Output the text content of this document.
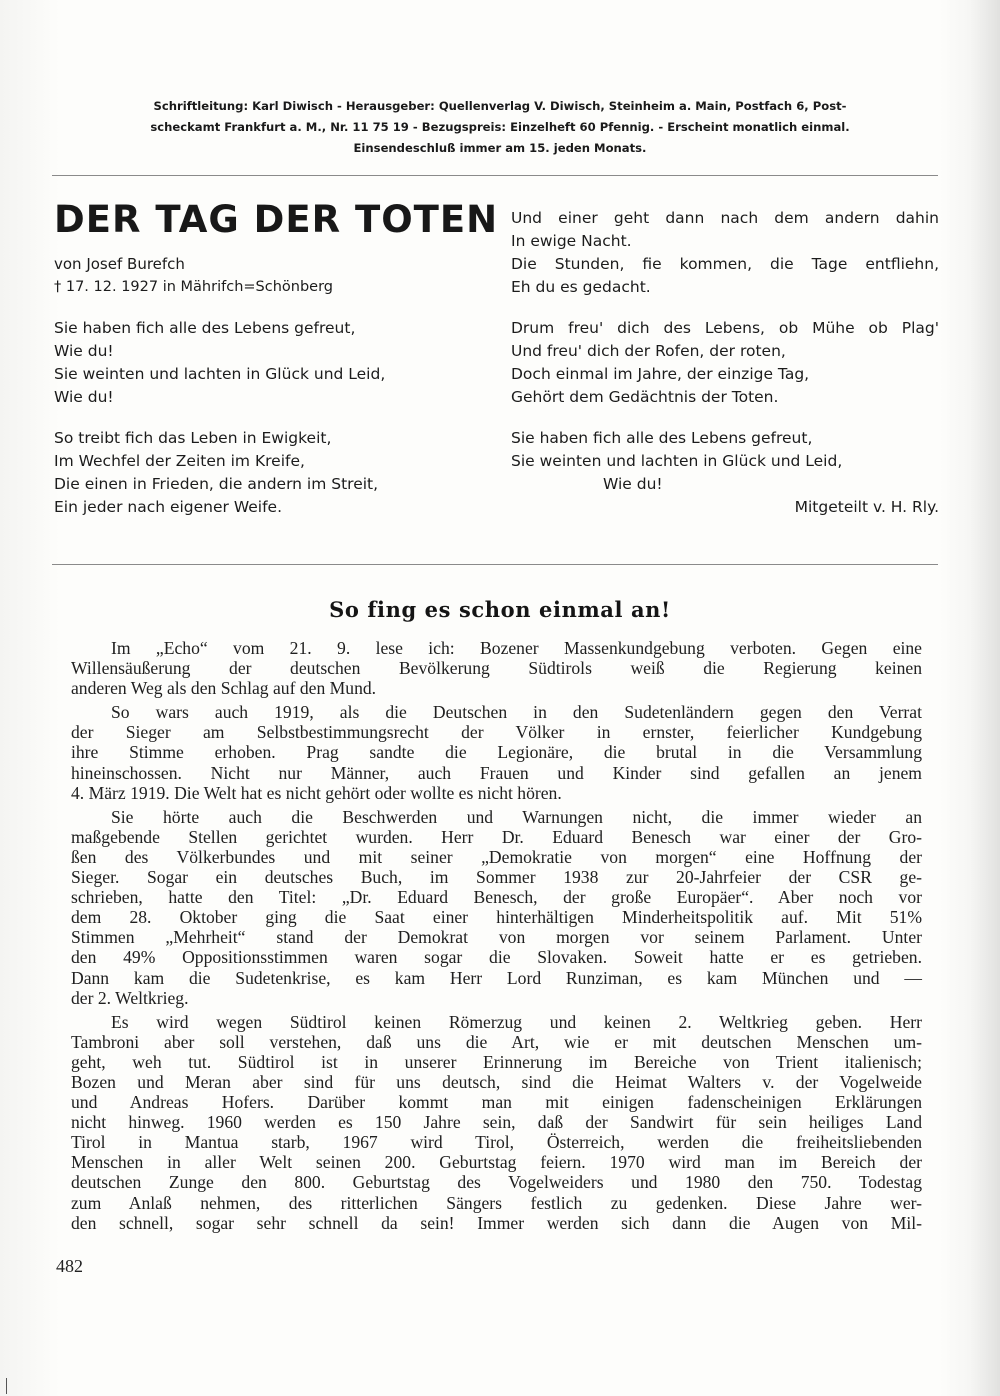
Schriftleitung: Karl Diwisch - Herausgeber: Quellenverlag V. Diwisch, Steinheim a. Main, Postfach 6, Post-
scheckamt Frankfurt a. M., Nr. 11 75 19 - Bezugspreis: Einzelheft 60 Pfennig. - Erscheint monatlich einmal.
Einsendeschluß immer am 15. jeden Monats.
DER TAG DER TOTEN
von Josef Burefch
† 17. 12. 1927 in Mährifch=Schönberg
Sie haben fich alle des Lebens gefreut,
Wie du!
Sie weinten und lachten in Glück und Leid,
Wie du!
So treibt fich das Leben in Ewigkeit,
Im Wechfel der Zeiten im Kreife,
Die einen in Frieden, die andern im Streit,
Ein jeder nach eigener Weife.
Und einer geht dann nach dem andern dahin
In ewige Nacht.
Die Stunden, fie kommen, die Tage entfliehn,
Eh du es gedacht.
Drum freu' dich des Lebens, ob Mühe ob Plag'
Und freu' dich der Rofen, der roten,
Doch einmal im Jahre, der einzige Tag,
Gehört dem Gedächtnis der Toten.
Sie haben fich alle des Lebens gefreut,
Sie weinten und lachten in Glück und Leid,
Wie du!
Mitgeteilt v. H. Rly.
So fing es schon einmal an!

Im „Echo“ vom 21. 9. lese ich: Bozener Massenkundgebung verboten. Gegen eine
Willensäußerung der deutschen Bevölkerung Südtirols weiß die Regierung keinen
anderen Weg als den Schlag auf den Mund.

So wars auch 1919, als die Deutschen in den Sudetenländern gegen den Verrat
der Sieger am Selbstbestimmungsrecht der Völker in ernster, feierlicher Kundgebung
ihre Stimme erhoben. Prag sandte die Legionäre, die brutal in die Versammlung
hineinschossen. Nicht nur Männer, auch Frauen und Kinder sind gefallen an jenem
4. März 1919. Die Welt hat es nicht gehört oder wollte es nicht hören.

Sie hörte auch die Beschwerden und Warnungen nicht, die immer wieder an
maßgebende Stellen gerichtet wurden. Herr Dr. Eduard Benesch war einer der Gro-
ßen des Völkerbundes und mit seiner „Demokratie von morgen“ eine Hoffnung der
Sieger. Sogar ein deutsches Buch, im Sommer 1938 zur 20-Jahrfeier der CSR ge-
schrieben, hatte den Titel: „Dr. Eduard Benesch, der große Europäer“. Aber noch vor
dem 28. Oktober ging die Saat einer hinterhältigen Minderheitspolitik auf. Mit 51%
Stimmen „Mehrheit“ stand der Demokrat von morgen vor seinem Parlament. Unter
den 49% Oppositionsstimmen waren sogar die Slovaken. Soweit hatte er es getrieben.
Dann kam die Sudetenkrise, es kam Herr Lord Runziman, es kam München und —
der 2. Weltkrieg.

Es wird wegen Südtirol keinen Römerzug und keinen 2. Weltkrieg geben. Herr
Tambroni aber soll verstehen, daß uns die Art, wie er mit deutschen Menschen um-
geht, weh tut. Südtirol ist in unserer Erinnerung im Bereiche von Trient italienisch;
Bozen und Meran aber sind für uns deutsch, sind die Heimat Walters v. der Vogelweide
und Andreas Hofers. Darüber kommt man mit einigen fadenscheinigen Erklärungen
nicht hinweg. 1960 werden es 150 Jahre sein, daß der Sandwirt für sein heiliges Land
Tirol in Mantua starb, 1967 wird Tirol, Österreich, werden die freiheitsliebenden
Menschen in aller Welt seinen 200. Geburtstag feiern. 1970 wird man im Bereich der
deutschen Zunge den 800. Geburtstag des Vogelweiders und 1980 den 750. Todestag
zum Anlaß nehmen, des ritterlichen Sängers festlich zu gedenken. Diese Jahre wer-
den schnell, sogar sehr schnell da sein! Immer werden sich dann die Augen von Mil-

482
